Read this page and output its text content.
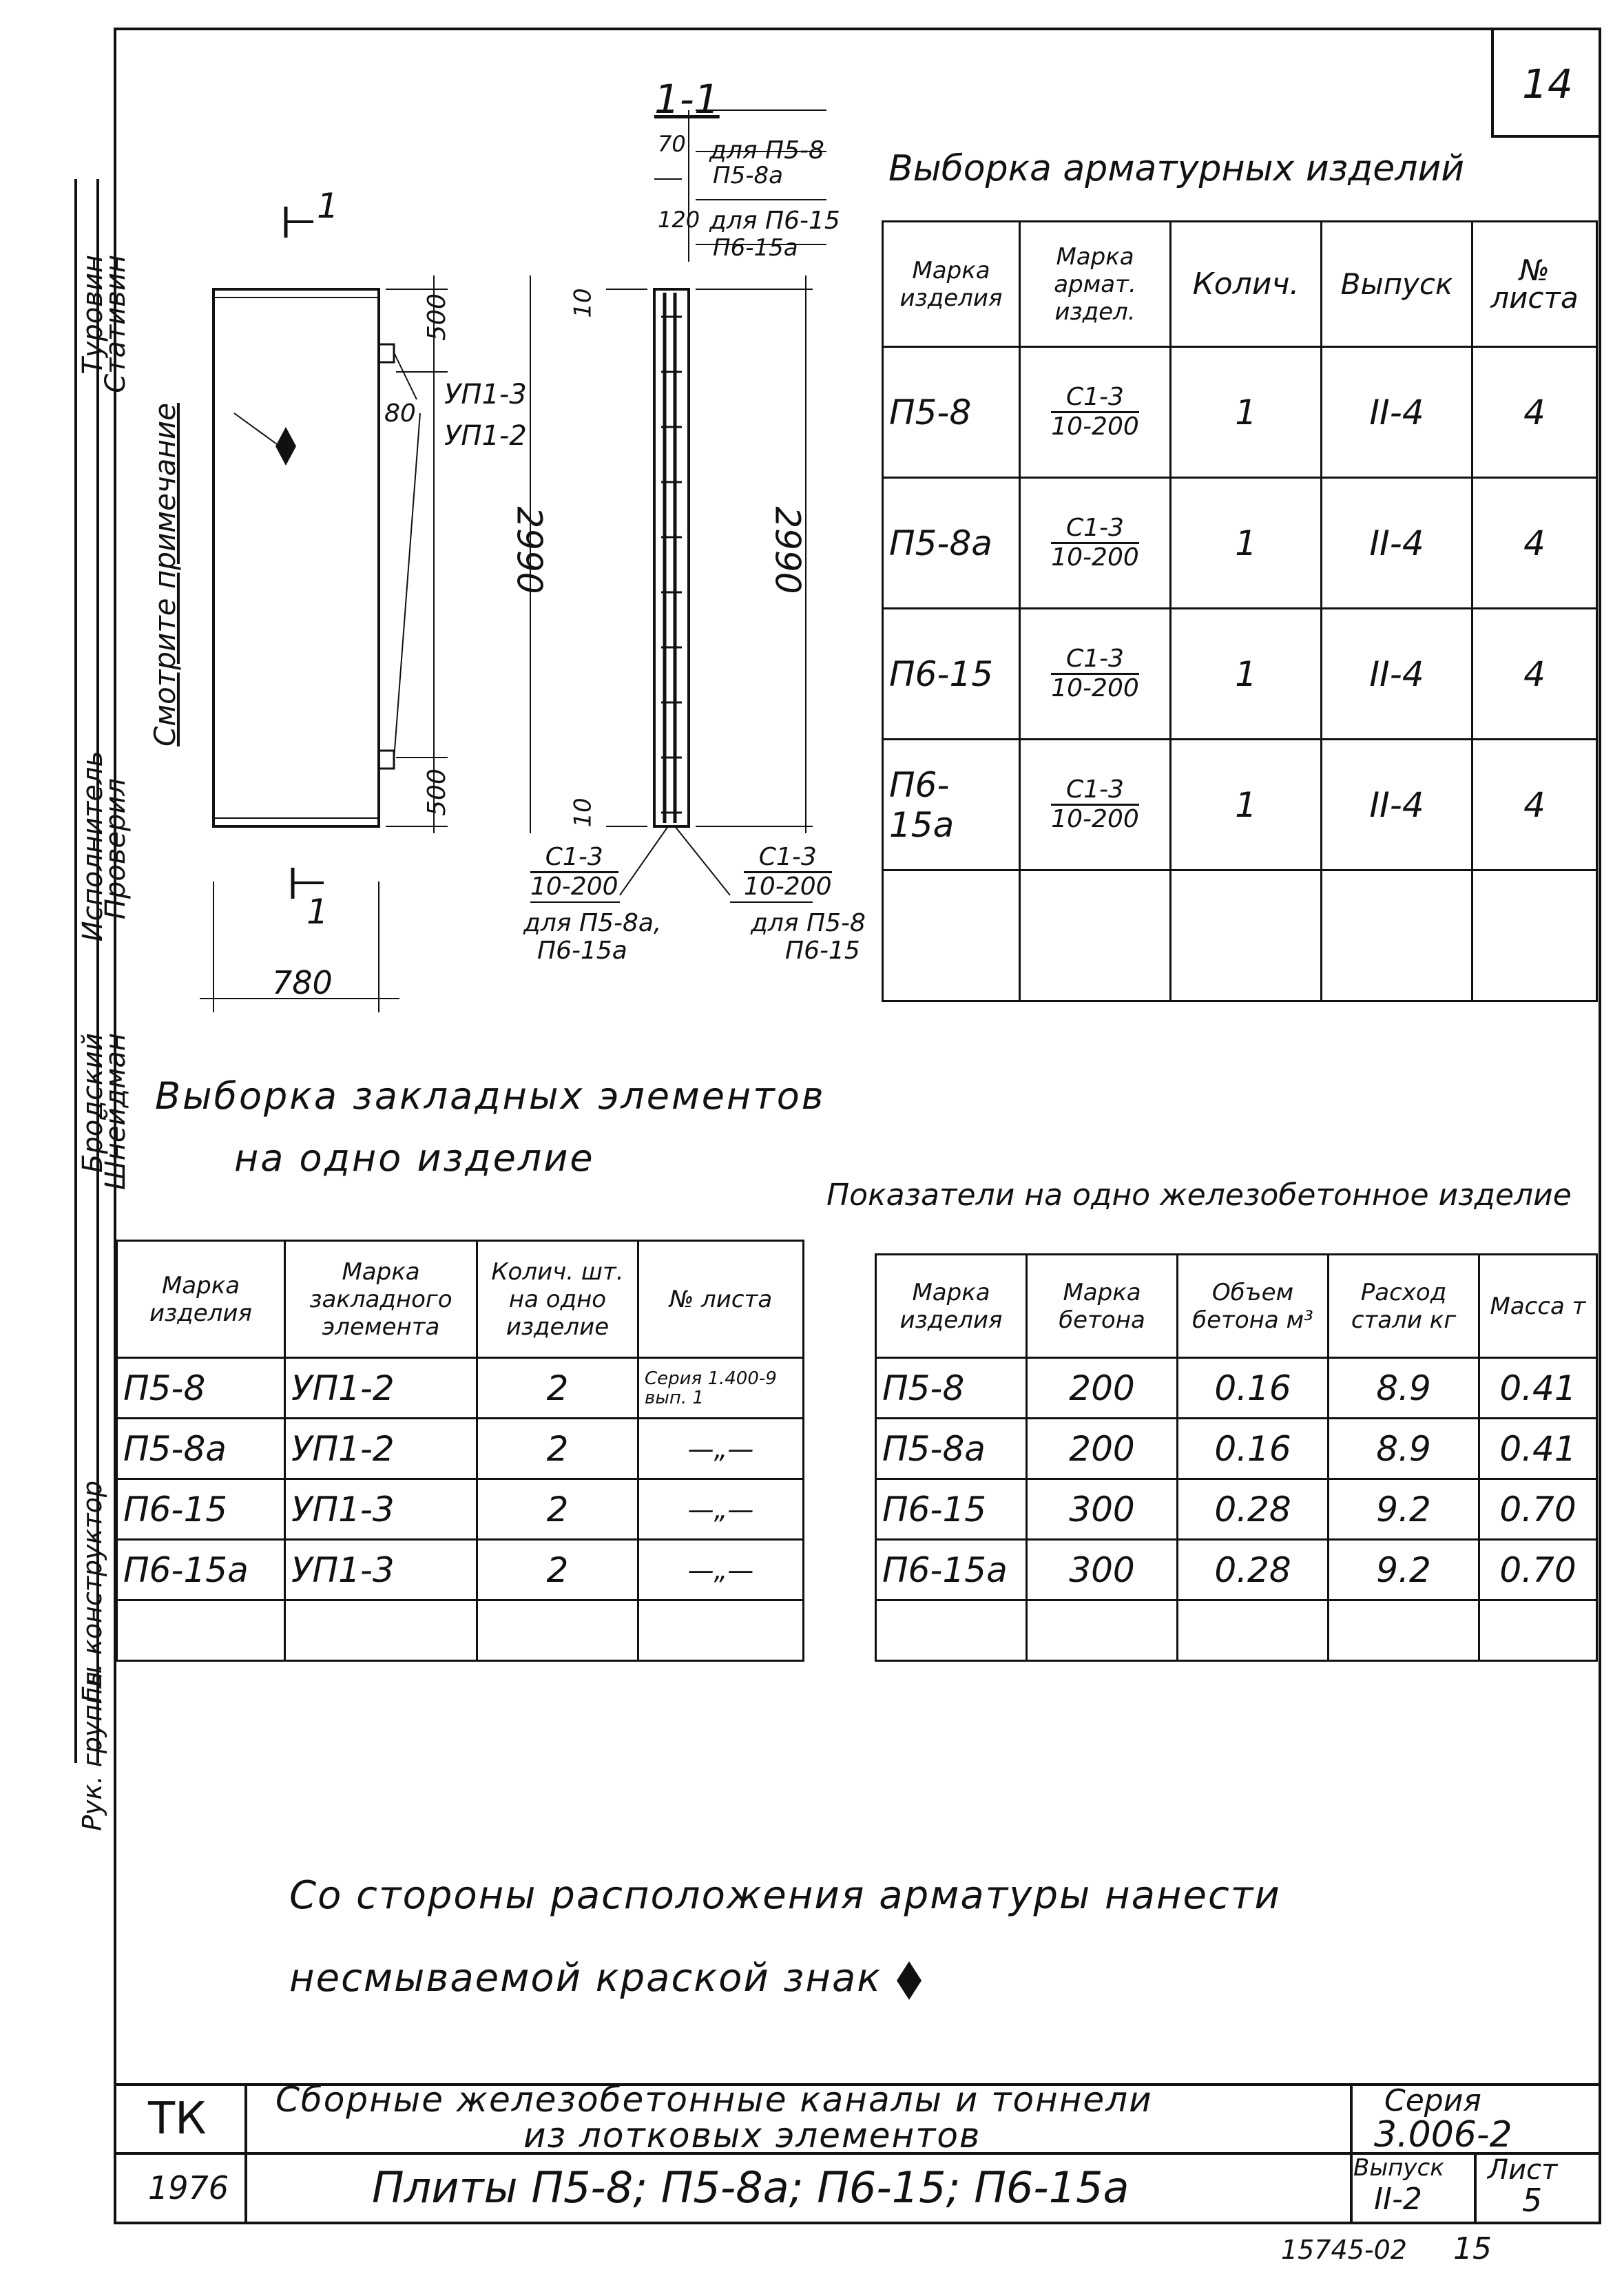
14
Рук. группы
Гл. конструктор
Шнейдман
Бродский
Проверил
Исполнитель
Стативин
Туровин
1-1
1
1
500
500
80
2990	2990
780
10
10
70
120
для П5-8
П5-8а
для П6-15
П6-15а
УП1-3
УП1-2
Смотрите примечание
$\frac{С1-3}{10-200}$
для П5-8а,
П6-15а
$\frac{С1-3}{10-200}$
для П5-8
П6-15
Выборка арматурных изделий
Марка изделия	Марка армат. издел.	Колич.	Выпуск	№ листа
П5-8	$\frac{С1-3}{10-200}$	1	II-4	4
П5-8а	$\frac{С1-3}{10-200}$	1	II-4	4
П6-15	$\frac{С1-3}{10-200}$	1	II-4	4
П6-15а	$\frac{С1-3}{10-200}$	1	II-4	4

Выборка закладных элементов
на одно изделие
Марка изделия	Марка закладного элемента	Колич. шт. на одно изделие	№ листа
П5-8	УП1-2	2	Серия 1.400-9 вып. 1
П5-8а	УП1-2	2	—„—
П6-15	УП1-3	2	—„—
П6-15а	УП1-3	2	—„—

Показатели на одно железобетонное изделие
Марка изделия	Марка бетона	Объем бетона м³	Расход стали кг	Масса т
П5-8	200	0.16	8.9	0.41
П5-8а	200	0.16	8.9	0.41
П6-15	300	0.28	9.2	0.70
П6-15а	300	0.28	9.2	0.70

Со стороны расположения арматуры нанести
несмываемой краской знак
ТК
1976
Сборные железобетонные каналы и тоннели
из лотковых элементов
Плиты П5-8; П5-8а; П6-15; П6-15а
Серия
3.006-2
Выпуск
II-2
Лист
5
15745-02 15
